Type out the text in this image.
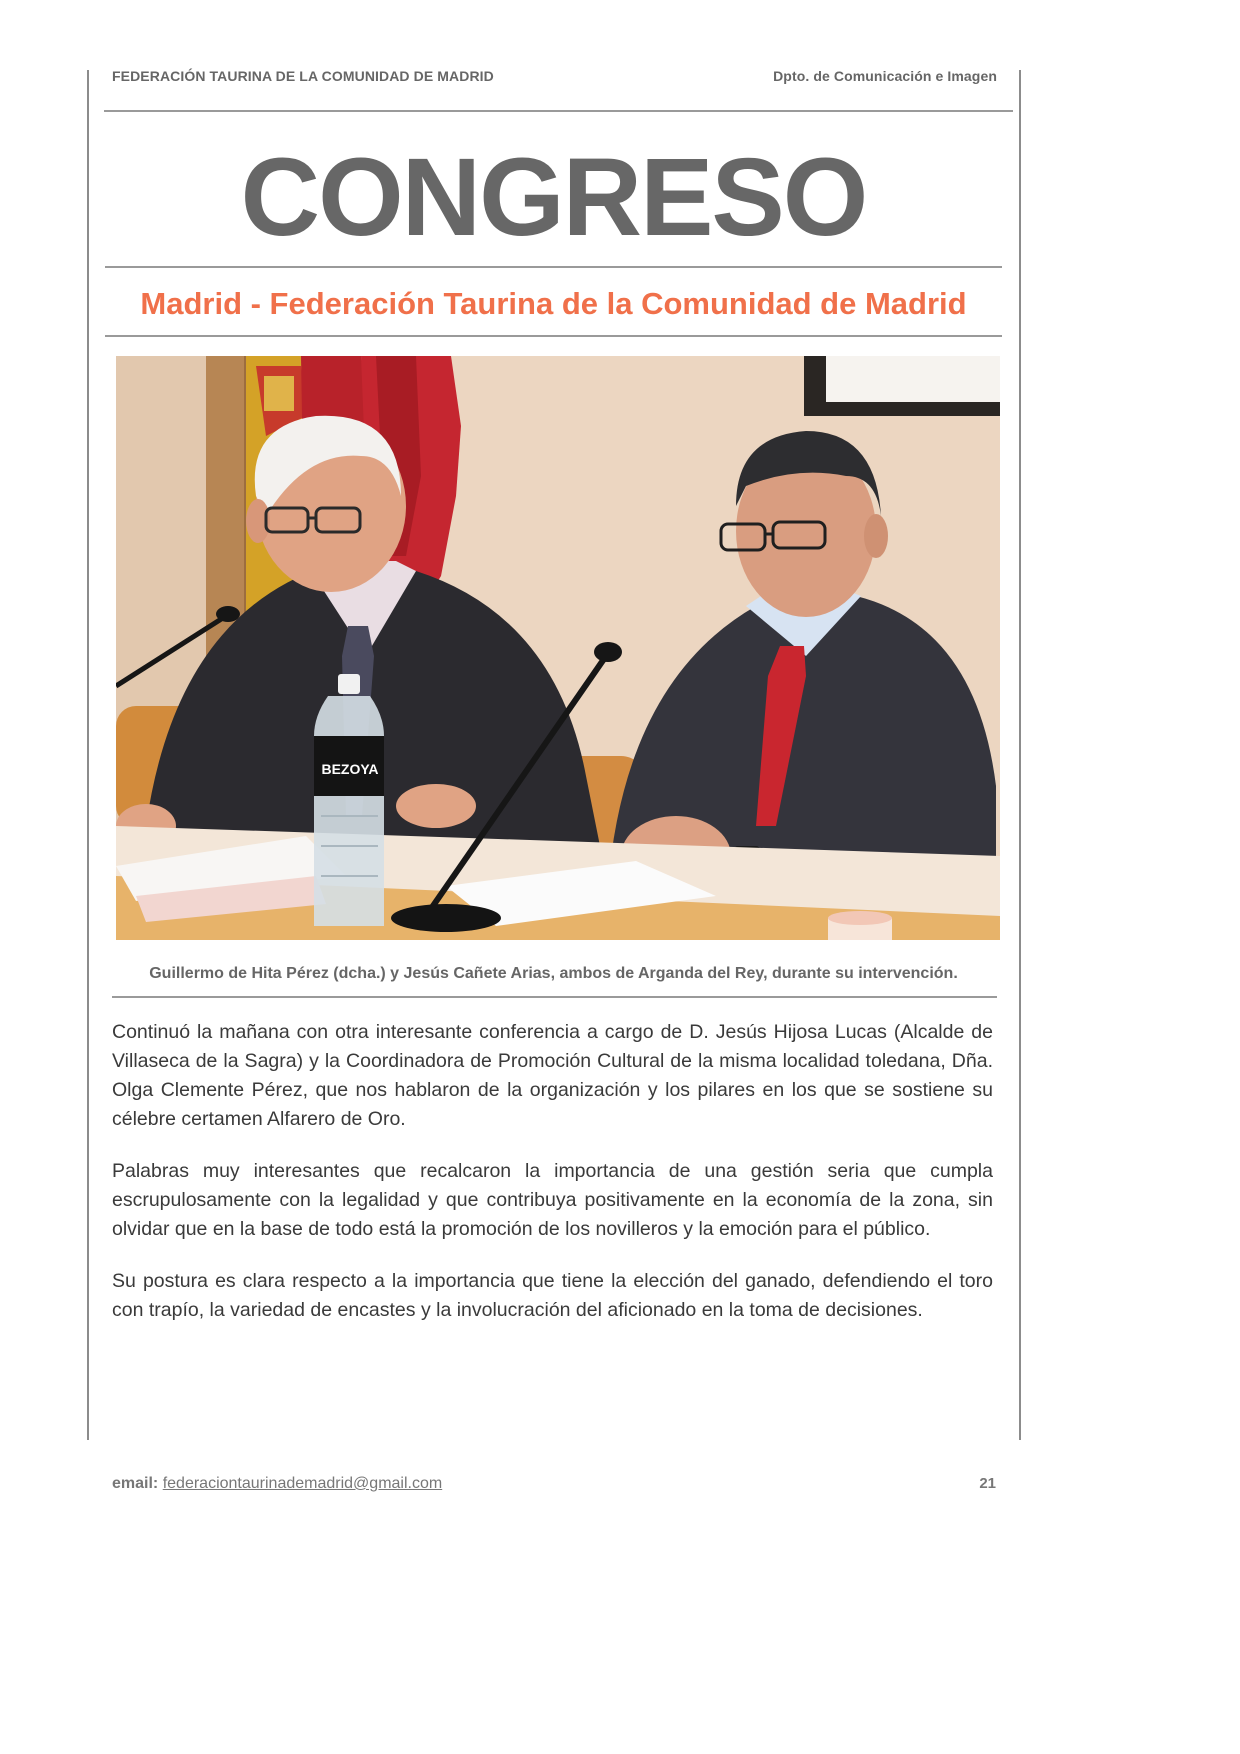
FEDERACIÓN TAURINA DE LA COMUNIDAD DE MADRID	Dpto. de Comunicación e Imagen
CONGRESO
Madrid - Federación Taurina de la Comunidad de Madrid
BEZOYA
Guillermo de Hita Pérez (dcha.) y Jesús Cañete Arias, ambos de Arganda del Rey, durante su intervención.

Continuó la mañana con otra interesante conferencia a cargo de D. Jesús Hijosa Lucas (Alcalde de Villaseca de la Sagra) y la Coordinadora de Promoción Cultural de la misma localidad toledana, Dña. Olga Clemente Pérez, que nos hablaron de la organización y los pilares en los que se sostiene su célebre certamen Alfarero de Oro.

Palabras muy interesantes que recalcaron la importancia de una gestión seria que cumpla escrupulosamente con la legalidad y que contribuya positivamente en la economía de la zona, sin olvidar que en la base de todo está la promoción de los novilleros y la emoción para el público.

Su postura es clara respecto a la importancia que tiene la elección del ganado, defendiendo el toro con trapío, la variedad de encastes y la involucración del aficionado en la toma de decisiones.

email: federaciontaurinademadrid@gmail.com	21
